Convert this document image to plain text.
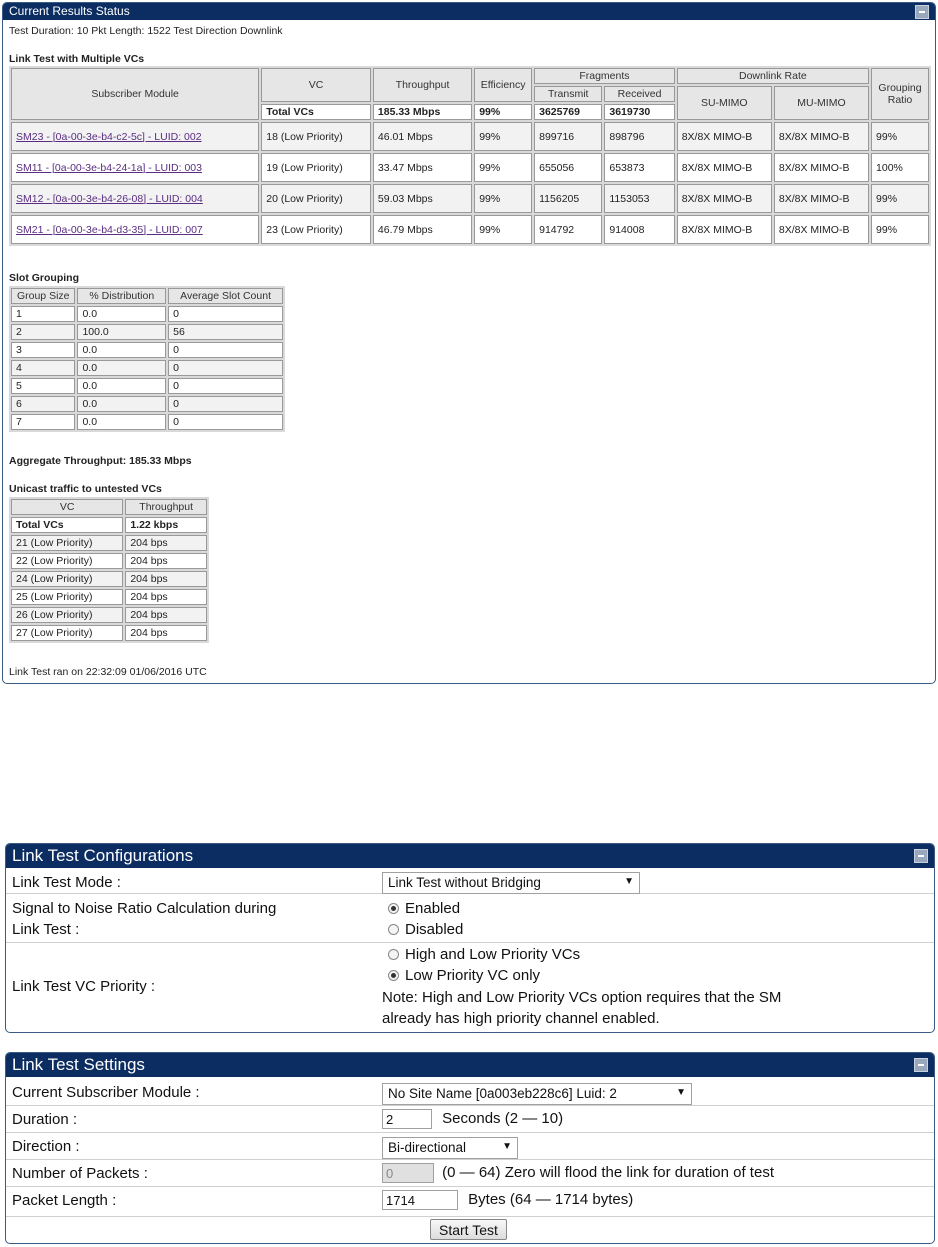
Current Results Status
Test Duration: 10 Pkt Length: 1522 Test Direction Downlink
Link Test with Multiple VCs
Subscriber Module	VC	Throughput	Efficiency	Fragments		Downlink Rate		Grouping Ratio
				Transmit	Received	SU-MIMO	MU-MIMO	
	Total VCs	185.33 Mbps	99%	3625769	3619730			
SM23 - [0a-00-3e-b4-c2-5c] - LUID: 002	18 (Low Priority)	46.01 Mbps	99%	899716	898796	8X/8X MIMO-B	8X/8X MIMO-B	99%
SM11 - [0a-00-3e-b4-24-1a] - LUID: 003	19 (Low Priority)	33.47 Mbps	99%	655056	653873	8X/8X MIMO-B	8X/8X MIMO-B	100%
SM12 - [0a-00-3e-b4-26-08] - LUID: 004	20 (Low Priority)	59.03 Mbps	99%	1156205	1153053	8X/8X MIMO-B	8X/8X MIMO-B	99%
SM21 - [0a-00-3e-b4-d3-35] - LUID: 007	23 (Low Priority)	46.79 Mbps	99%	914792	914008	8X/8X MIMO-B	8X/8X MIMO-B	99%
Slot Grouping
Group Size	% Distribution	Average Slot Count
1	0.0	0
2	100.0	56
3	0.0	0
4	0.0	0
5	0.0	0
6	0.0	0
7	0.0	0
Aggregate Throughput: 185.33 Mbps
Unicast traffic to untested VCs
VC	Throughput
Total VCs	1.22 kbps
21 (Low Priority)	204 bps
22 (Low Priority)	204 bps
24 (Low Priority)	204 bps
25 (Low Priority)	204 bps
26 (Low Priority)	204 bps
27 (Low Priority)	204 bps
Link Test ran on 22:32:09 01/06/2016 UTC
Link Test Configurations
Link Test Mode :	Link Test without Bridging	▼
Signal to Noise Ratio Calculation during
Link Test :
Enabled
Disabled
Link Test VC Priority :
High and Low Priority VCs
Low Priority VC only
Note: High and Low Priority VCs option requires that the SM
already has high priority channel enabled.
Link Test Settings
Current Subscriber Module :	No Site Name [0a003eb228c6] Luid: 2	▼
Duration :	2	Seconds (2 — 10)
Direction :	Bi-directional	▼
Number of Packets :	0	(0 — 64) Zero will flood the link for duration of test
Packet Length :	1714	Bytes (64 — 1714 bytes)
Start Test
